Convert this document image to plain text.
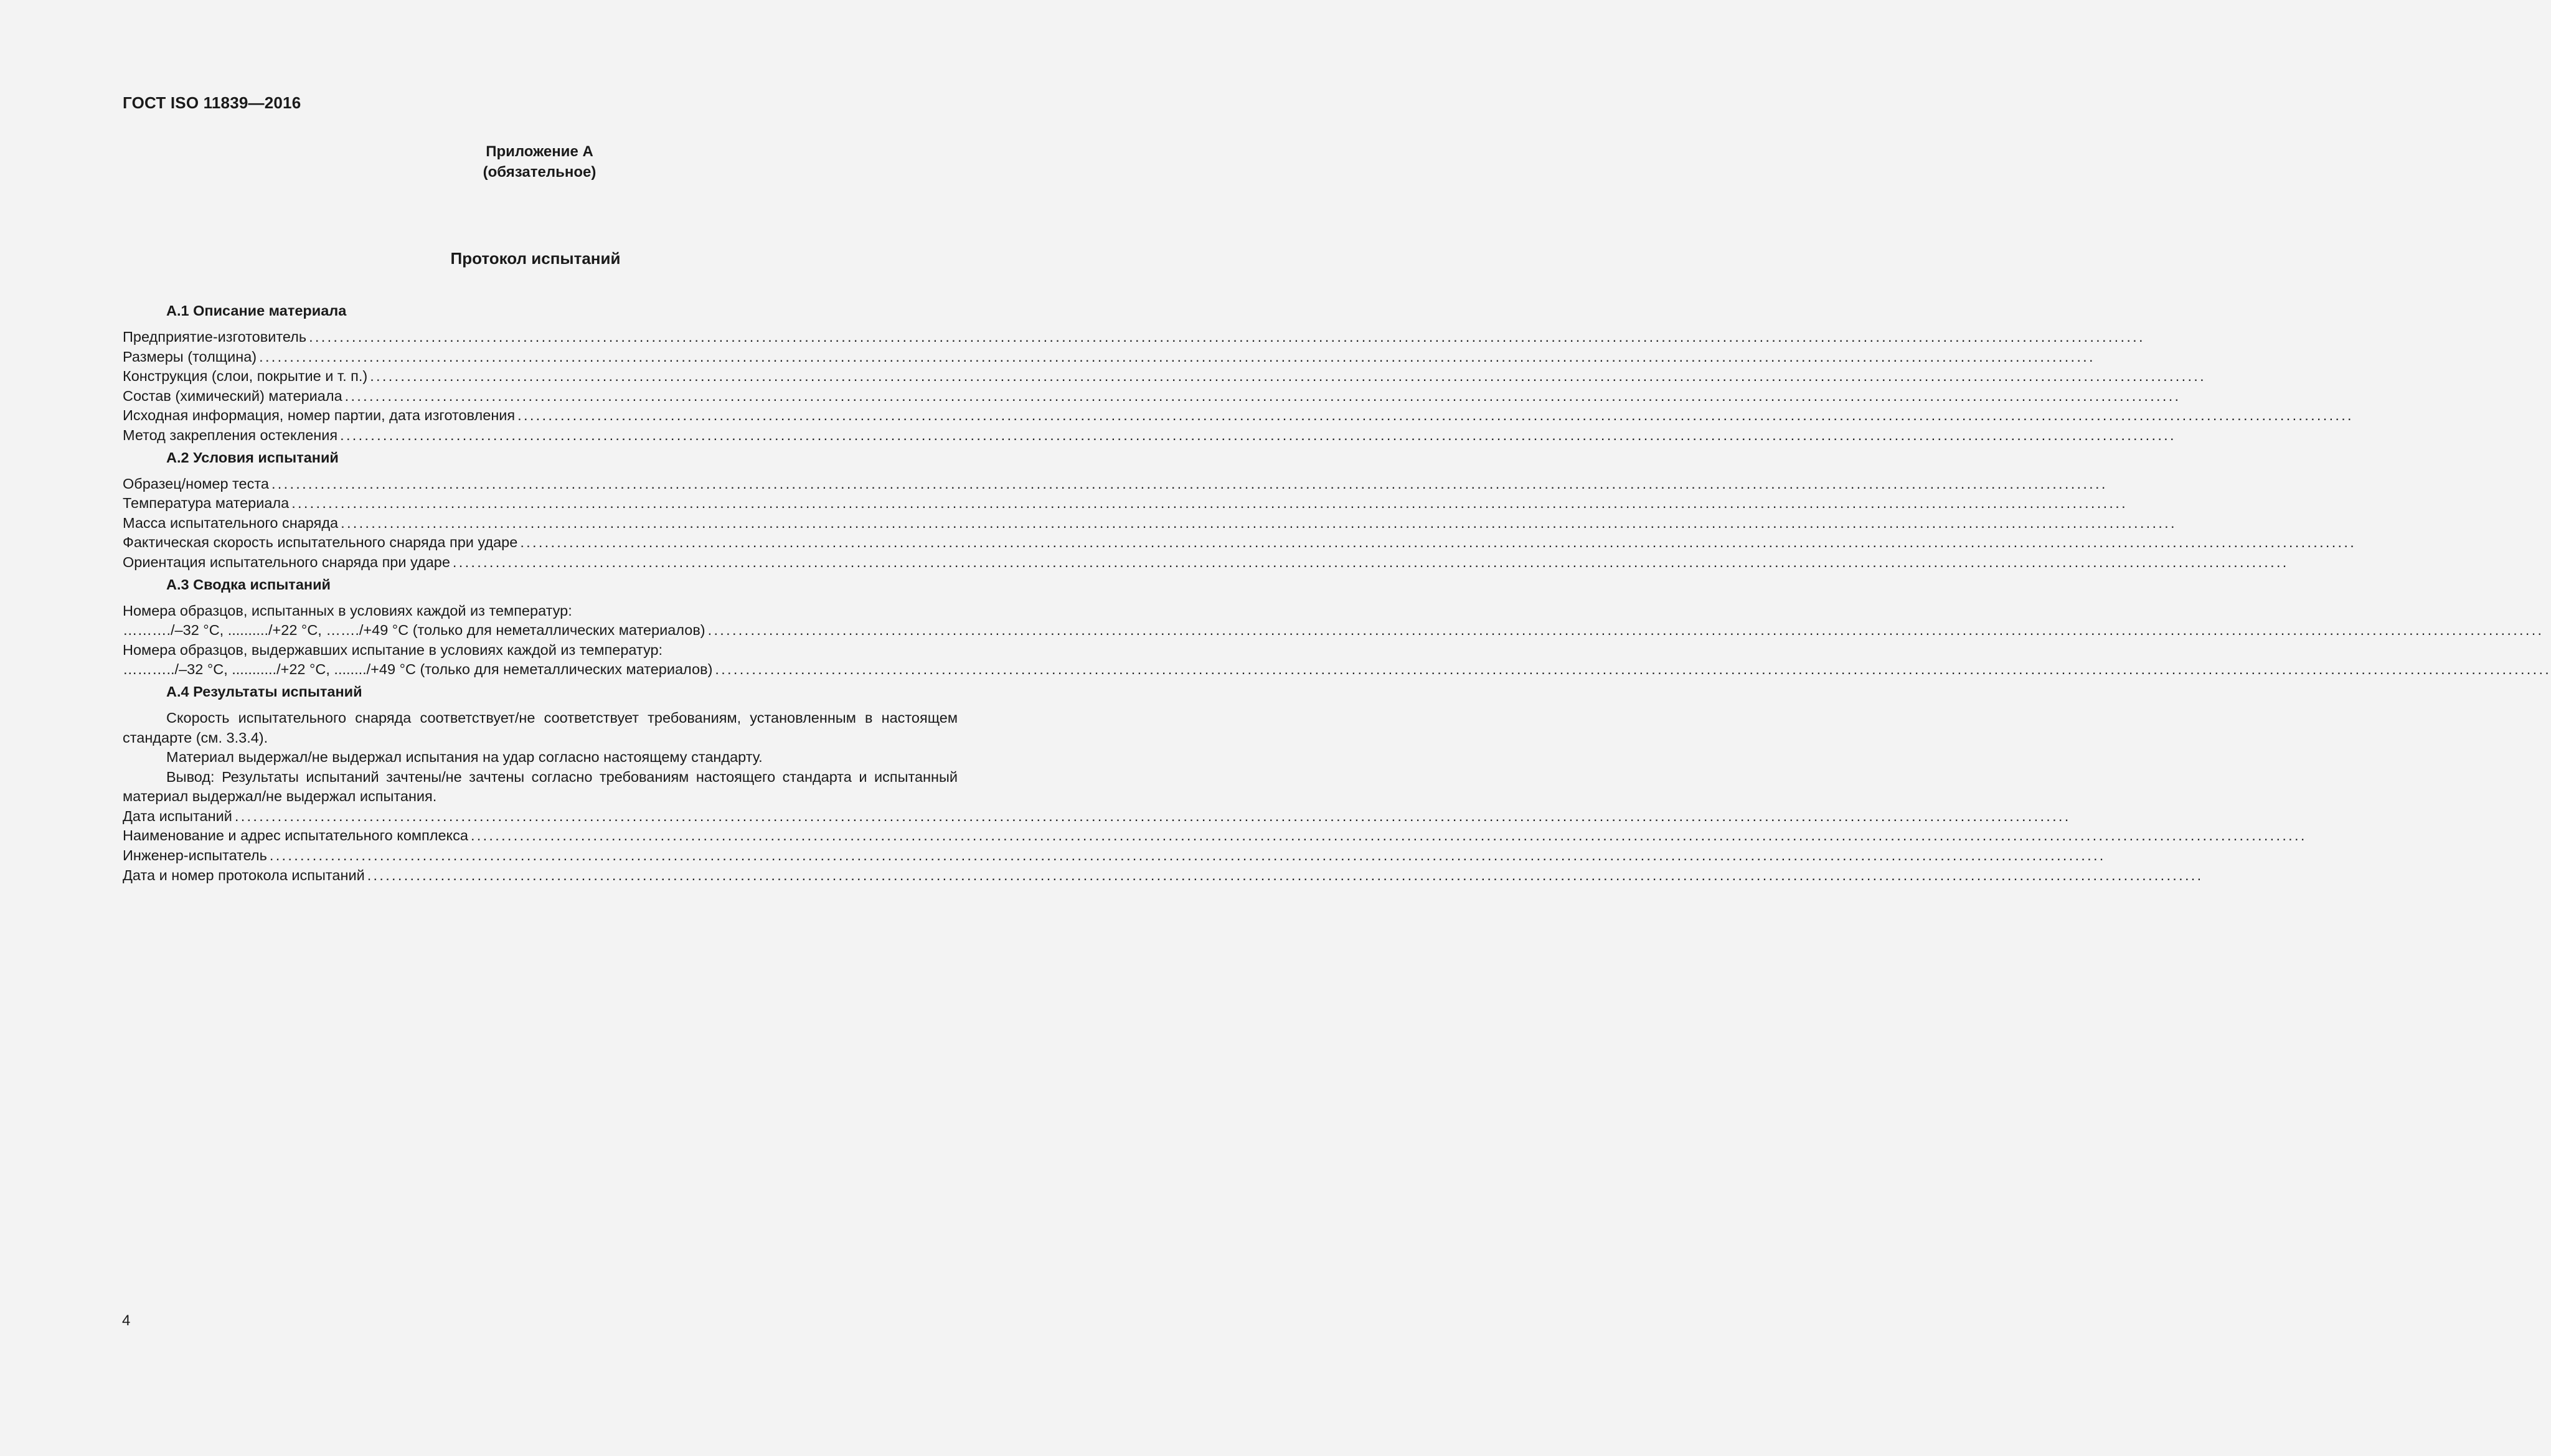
ГОСТ ISO 11839—2016
Приложение А
(обязательное)
Протокол испытаний
А.1 Описание материала
Предприятие-изготовитель ............................................................................................................................................................................................................................................................................................................
Размеры (толщина) ............................................................................................................................................................................................................................................................................................................
Конструкция (слои, покрытие и т. п.) ............................................................................................................................................................................................................................................................................................................
Состав (химический) материала ............................................................................................................................................................................................................................................................................................................
Исходная информация, номер партии, дата изготовления ............................................................................................................................................................................................................................................................................................................
Метод закрепления остекления ............................................................................................................................................................................................................................................................................................................
А.2 Условия испытаний
Образец/номер теста ............................................................................................................................................................................................................................................................................................................
Температура материала ............................................................................................................................................................................................................................................................................................................
Масса испытательного снаряда ............................................................................................................................................................................................................................................................................................................
Фактическая скорость испытательного снаряда при ударе ............................................................................................................................................................................................................................................................................................................
Ориентация испытательного снаряда при ударе ............................................................................................................................................................................................................................................................................................................
А.3 Сводка испытаний
Номера образцов, испытанных в условиях каждой из температур:
………./–32 °С, ........../+22 °С, ……./+49 °С (только для неметаллических материалов) ............................................................................................................................................................................................................................................................................................................
Номера образцов, выдержавших испытание в условиях каждой из температур:
………../–32 °С, .........../+22 °С, ......../+49 °С (только для неметаллических материалов) ............................................................................................................................................................................................................................................................................................................
А.4 Результаты испытаний
Скорость испытательного снаряда соответствует/не соответствует требованиям, установленным в настоящем стандарте (см. 3.3.4).
Материал выдержал/не выдержал испытания на удар согласно настоящему стандарту.
Вывод: Результаты испытаний зачтены/не зачтены согласно требованиям настоящего стандарта и испытанный материал выдержал/не выдержал испытания.
Дата испытаний ............................................................................................................................................................................................................................................................................................................
Наименование и адрес испытательного комплекса ............................................................................................................................................................................................................................................................................................................
Инженер-испытатель ............................................................................................................................................................................................................................................................................................................
Дата и номер протокола испытаний ............................................................................................................................................................................................................................................................................................................
4
